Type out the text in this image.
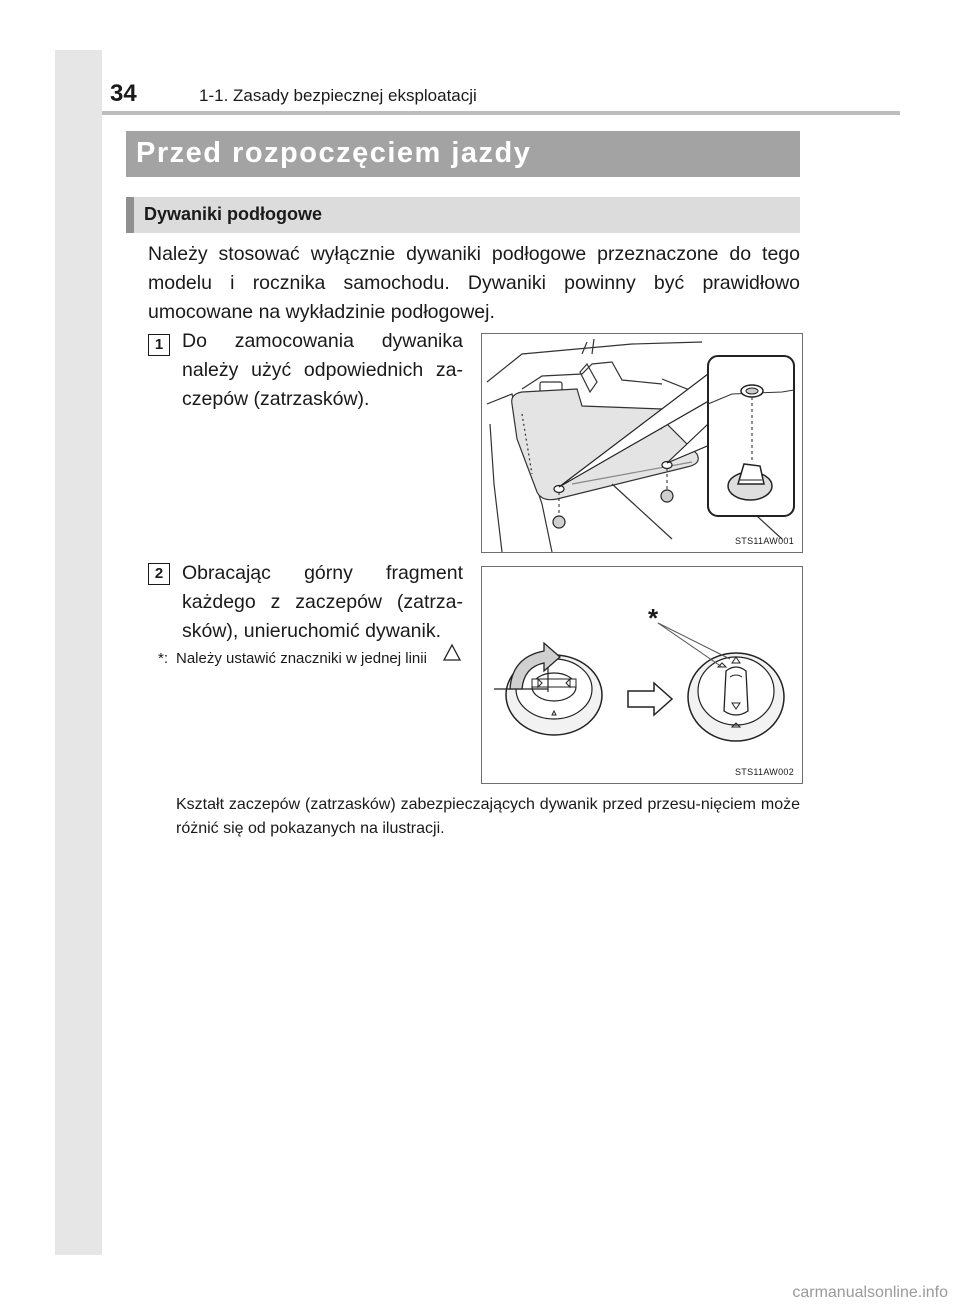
34	1-1. Zasady bezpiecznej eksploatacji
Przed rozpoczęciem jazdy
Dywaniki podłogowe

Należy stosować wyłącznie dywaniki podłogowe przeznaczone do tego modelu i rocznika samochodu. Dywaniki powinny być prawidłowo umocowane na wykładzinie podłogowej.

1 Do zamocowania dywanika należy użyć odpowiednich za-czepów (zatrzasków).

STS11AW001
2 Obracając górny fragment każdego z zaczepów (zatrza-sków), unieruchomić dywanik.

*: Należy ustawić znaczniki w jednej linii
*
STS11AW002

Kształt zaczepów (zatrzasków) zabezpieczających dywanik przed przesu-nięciem może różnić się od pokazanych na ilustracji.

carmanualsonline.info
